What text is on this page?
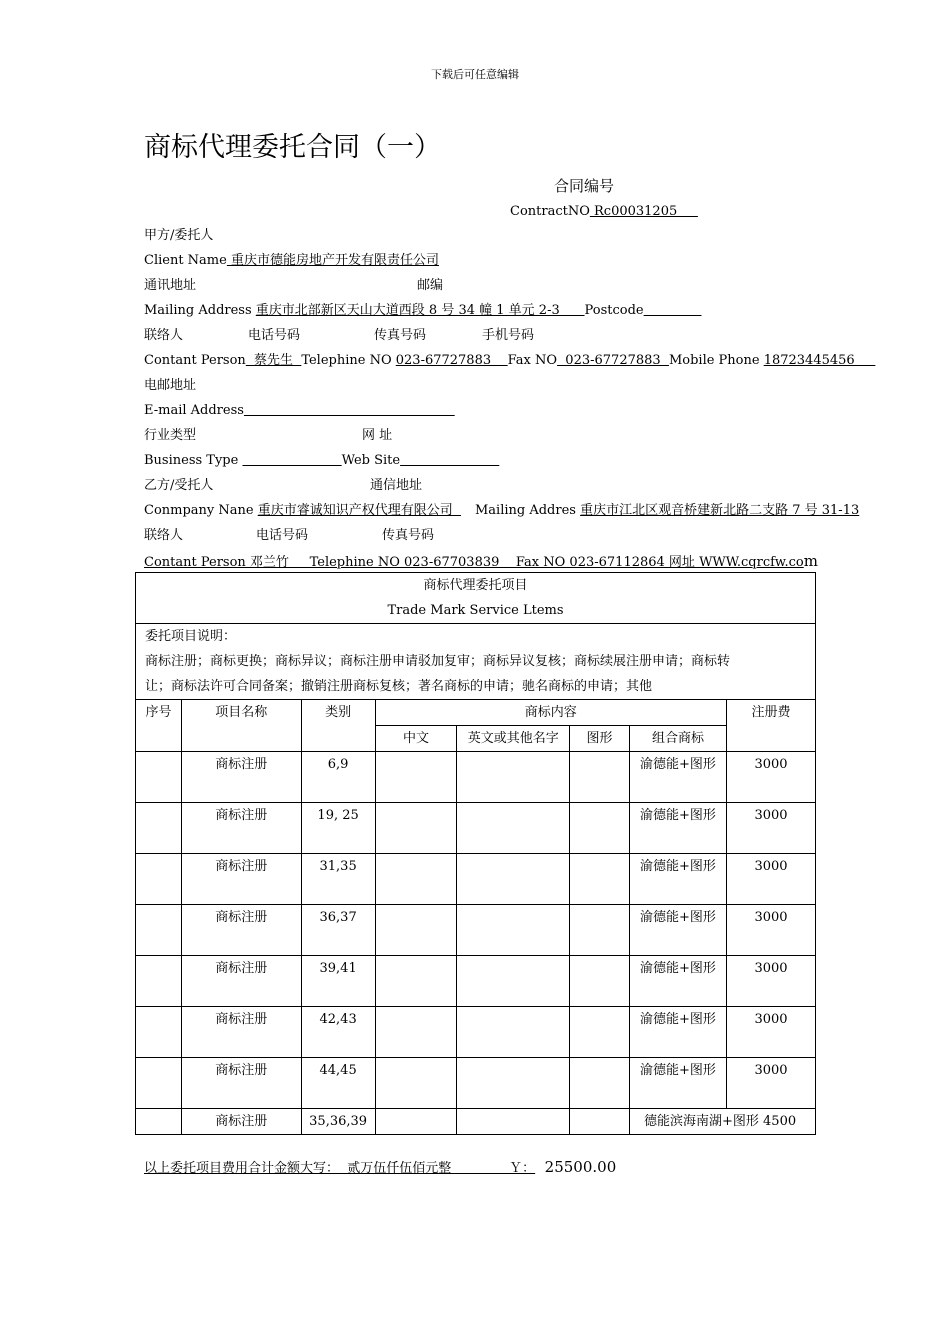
下载后可任意编辑
商标代理委托合同（一）
合同编号
ContractNO Rc00031205
甲方/委托人
Client Name 重庆市德能房地产开发有限责任公司
通讯地址	邮编
Mailing Address 重庆市北部新区天山大道西段 8 号 34 幢 1 单元 2-3      Postcode
联络人	电话号码	传真号码	手机号码
Contant Person  蔡先生  Telephine NO 023-67727883    Fax NO  023-67727883  Mobile Phone 18723445456
电邮地址
E-mail Address
行业类型	网 址
Business Type	Web Site
乙方/受托人	通信地址
Conmpany Nane 重庆市睿诚知识产权代理有限公司  Mailing Addres 重庆市江北区观音桥建新北路二支路 7 号 31-13
联络人	电话号码	传真号码
Contant Person 邓兰竹     Telephine NO 023-67703839    Fax NO 023-67112864 网址 WWW.cqrcfw.com
商标代理委托项目
Trade Mark Service Ltems							

委托项目说明：
商标注册；商标更换；商标异议；商标注册申请驳加复审；商标异议复核；商标续展注册申请；商标转
让；商标法许可合同备案；撤销注册商标复核；著名商标的申请；驰名商标的申请；其他							

序号	项目名称	类别	商标内容				注册费
			中文	英文或其他名字	图形	组合商标	
	商标注册	6,9				渝德能+图形	3000
	商标注册	19, 25				渝德能+图形	3000
	商标注册	31,35				渝德能+图形	3000
	商标注册	36,37				渝德能+图形	3000
	商标注册	39,41				渝德能+图形	3000
	商标注册	42,43				渝德能+图形	3000
	商标注册	44,45				渝德能+图形	3000
	商标注册	35,36,39				德能滨海南湖+图形 4500	
以上委托项目费用合计金额大写：  贰万伍仟伍佰元整              Ｙ：  25500.00
